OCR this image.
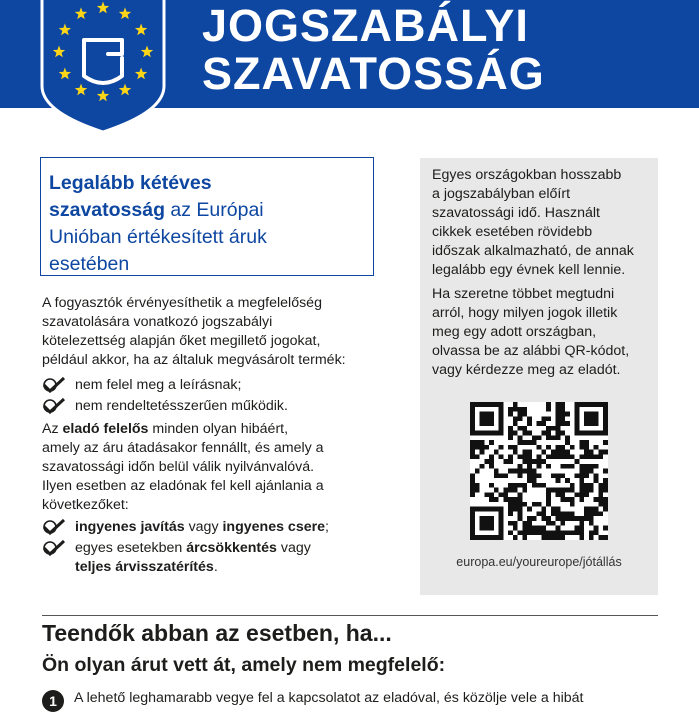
JOGSZABÁLYI
SZAVATOSSÁG
Legalább kétéves
szavatosság az Európai
Unióban értékesített áruk
esetében
A fogyasztók érvényesíthetik a megfelelőség
szavatolására vonatkozó jogszabályi
kötelezettség alapján őket megillető jogokat,
például akkor, ha az általuk megvásárolt termék:
nem felel meg a leírásnak;
nem rendeltetésszerűen működik.
Az eladó felelős minden olyan hibáért,
amely az áru átadásakor fennállt, és amely a
szavatossági időn belül válik nyilvánvalóvá.
Ilyen esetben az eladónak fel kell ajánlania a
következőket:
ingyenes javítás vagy ingyenes csere;
egyes esetekben árcsökkentés vagy
teljes árvisszatérítés.

Egyes országokban hosszabb
a jogszabályban előírt
szavatossági idő. Használt
cikkek esetében rövidebb
időszak alkalmazható, de annak
legalább egy évnek kell lennie.

Ha szeretne többet megtudni
arról, hogy milyen jogok illetik
meg egy adott országban,
olvassa be az alábbi QR-kódot,
vagy kérdezze meg az eladót.

europa.eu/youreurope/jótállás
Teendők abban az esetben, ha...
Ön olyan árut vett át, amely nem megfelelő:
1	A lehető leghamarabb vegye fel a kapcsolatot az eladóval, és közölje vele a hibát
